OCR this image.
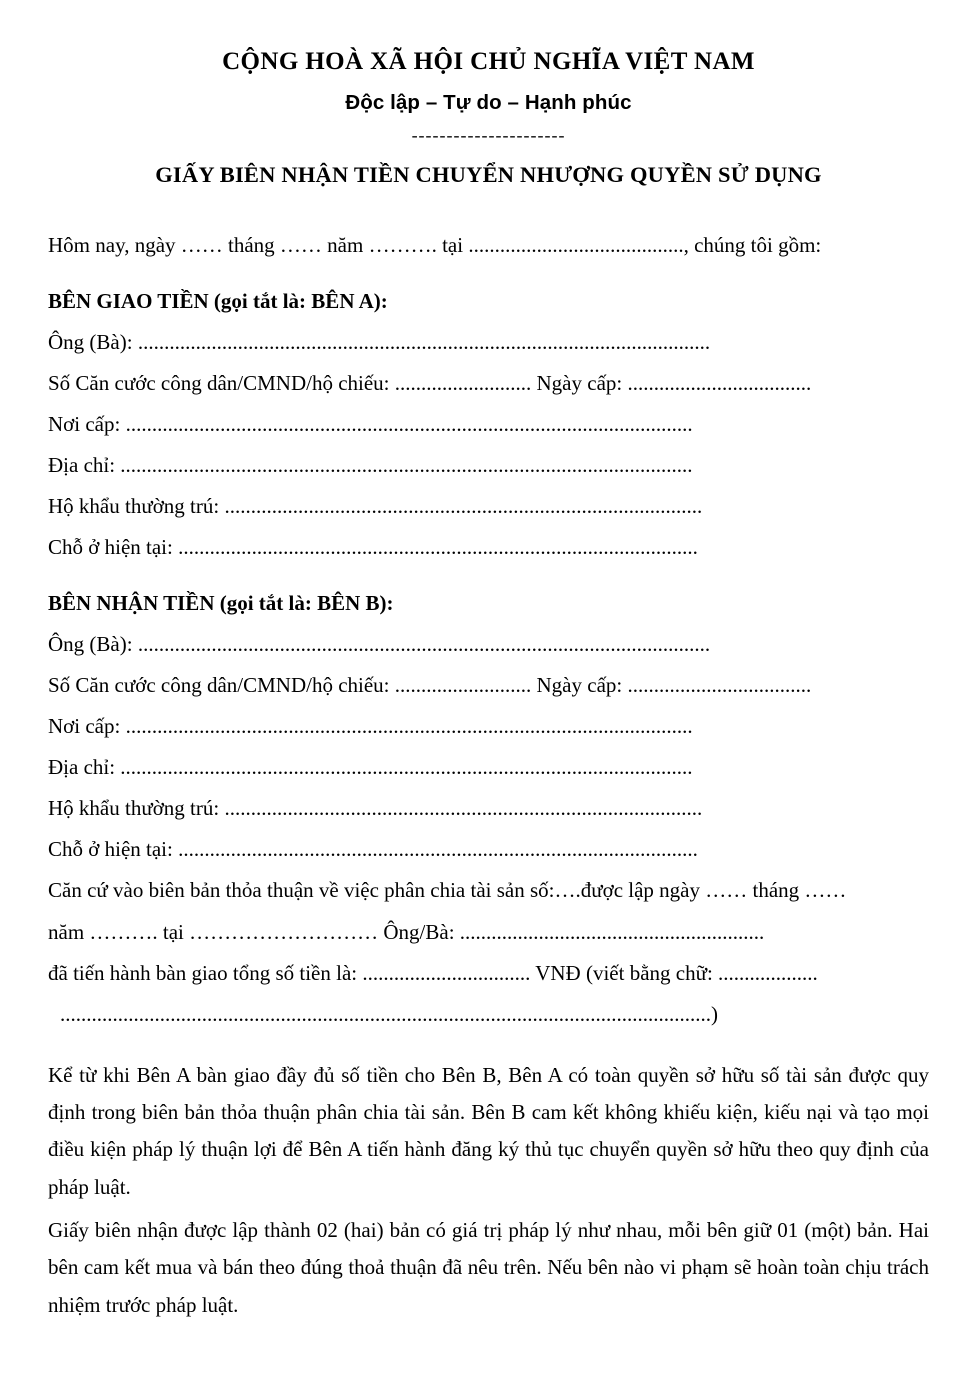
CỘNG HOÀ XÃ HỘI CHỦ NGHĨA VIỆT NAM
Độc lập – Tự do – Hạnh phúc
----------------------
GIẤY BIÊN NHẬN TIỀN CHUYỂN NHƯỢNG QUYỀN SỬ DỤNG
Hôm nay, ngày …… tháng …… năm ………. tại ........................................., chúng tôi gồm:
BÊN GIAO TIỀN (gọi tắt là: BÊN A):
Ông (Bà): .............................................................................................................
Số Căn cước công dân/CMND/hộ chiếu: .......................... Ngày cấp: ...................................
Nơi cấp: ............................................................................................................
Địa chỉ: .............................................................................................................
Hộ khẩu thường trú: ...........................................................................................
Chỗ ở hiện tại: ...................................................................................................
BÊN NHẬN TIỀN (gọi tắt là: BÊN B):
Ông (Bà): .............................................................................................................
Số Căn cước công dân/CMND/hộ chiếu: .......................... Ngày cấp: ...................................
Nơi cấp: ............................................................................................................
Địa chỉ: .............................................................................................................
Hộ khẩu thường trú: ...........................................................................................
Chỗ ở hiện tại: ...................................................................................................
Căn cứ vào biên bản thỏa thuận về việc phân chia tài sản số:….được lập ngày …… tháng ……
năm ………. tại ……………………… Ông/Bà: ..........................................................
đã tiến hành bàn giao tổng số tiền là: ................................ VNĐ (viết bằng chữ: ...................
............................................................................................................................)
Kể từ khi Bên A bàn giao đầy đủ số tiền cho Bên B, Bên A có toàn quyền sở hữu số tài sản được quy định trong biên bản thỏa thuận phân chia tài sản. Bên B cam kết không khiếu kiện, kiếu nại và tạo mọi điều kiện pháp lý thuận lợi để Bên A tiến hành đăng ký thủ tục chuyển quyền sở hữu theo quy định của pháp luật.
Giấy biên nhận được lập thành 02 (hai) bản có giá trị pháp lý như nhau, mỗi bên giữ 01 (một) bản. Hai bên cam kết mua và bán theo đúng thoả thuận đã nêu trên. Nếu bên nào vi phạm sẽ hoàn toàn chịu trách nhiệm trước pháp luật.
